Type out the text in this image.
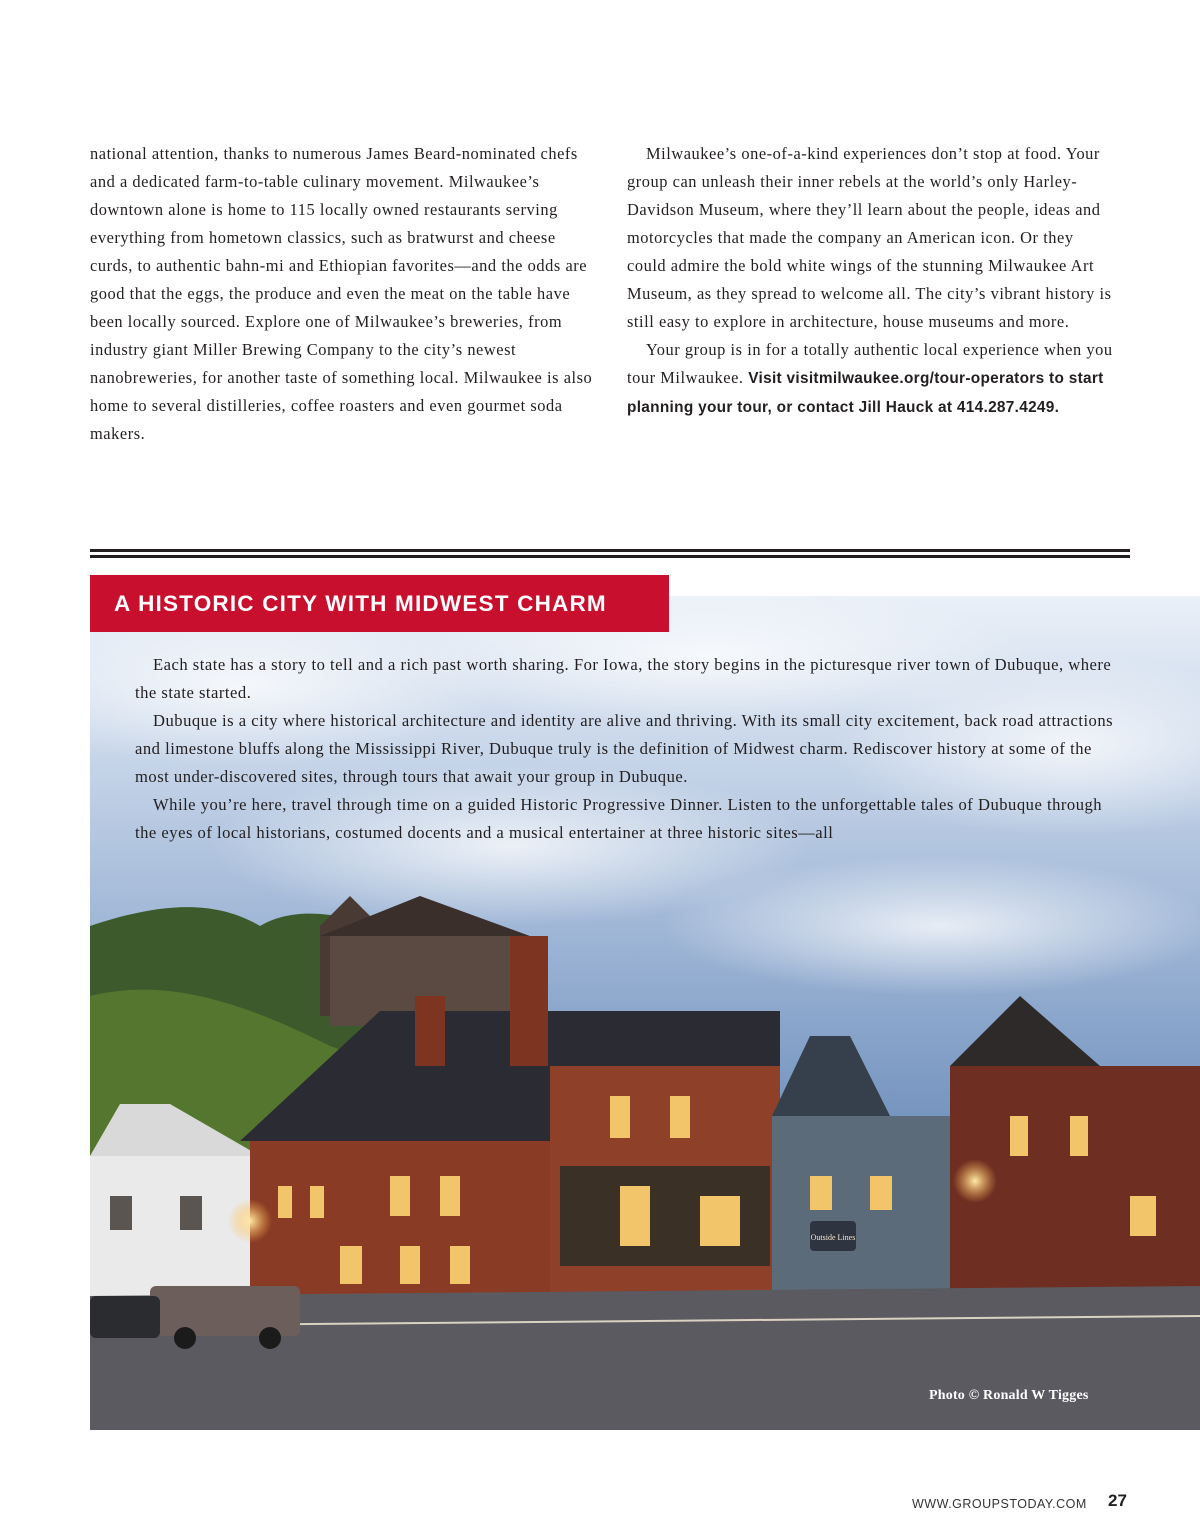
national attention, thanks to numerous James Beard-nominated chefs and a dedicated farm-to-table culinary movement. Milwaukee’s downtown alone is home to 115 locally owned restaurants serving everything from hometown classics, such as bratwurst and cheese curds, to authentic bahn-mi and Ethiopian favorites—and the odds are good that the eggs, the produce and even the meat on the table have been locally sourced. Explore one of Milwaukee’s breweries, from industry giant Miller Brewing Company to the city’s newest nanobreweries, for another taste of something local. Milwaukee is also home to several distilleries, coffee roasters and even gourmet soda makers.

Milwaukee’s one-of-a-kind experiences don’t stop at food. Your group can unleash their inner rebels at the world’s only Harley-Davidson Museum, where they’ll learn about the people, ideas and motorcycles that made the company an American icon. Or they could admire the bold white wings of the stunning Milwaukee Art Museum, as they spread to welcome all. The city’s vibrant history is still easy to explore in architecture, house museums and more.

Your group is in for a totally authentic local experience when you tour Milwaukee. Visit visitmilwaukee.org/tour-operators to start planning your tour, or contact Jill Hauck at 414.287.4249.

Outside Lines
A HISTORIC CITY WITH MIDWEST CHARM

Each state has a story to tell and a rich past worth sharing. For Iowa, the story begins in the picturesque river town of Dubuque, where the state started.

Dubuque is a city where historical architecture and identity are alive and thriving. With its small city excitement, back road attractions and limestone bluffs along the Mississippi River, Dubuque truly is the definition of Midwest charm. Rediscover history at some of the most under-discovered sites, through tours that await your group in Dubuque.

While you’re here, travel through time on a guided Historic Progressive Dinner. Listen to the unforgettable tales of Dubuque through the eyes of local historians, costumed docents and a musical entertainer at three historic sites—all

Photo © Ronald W Tigges
WWW.GROUPSTODAY.COM 27
